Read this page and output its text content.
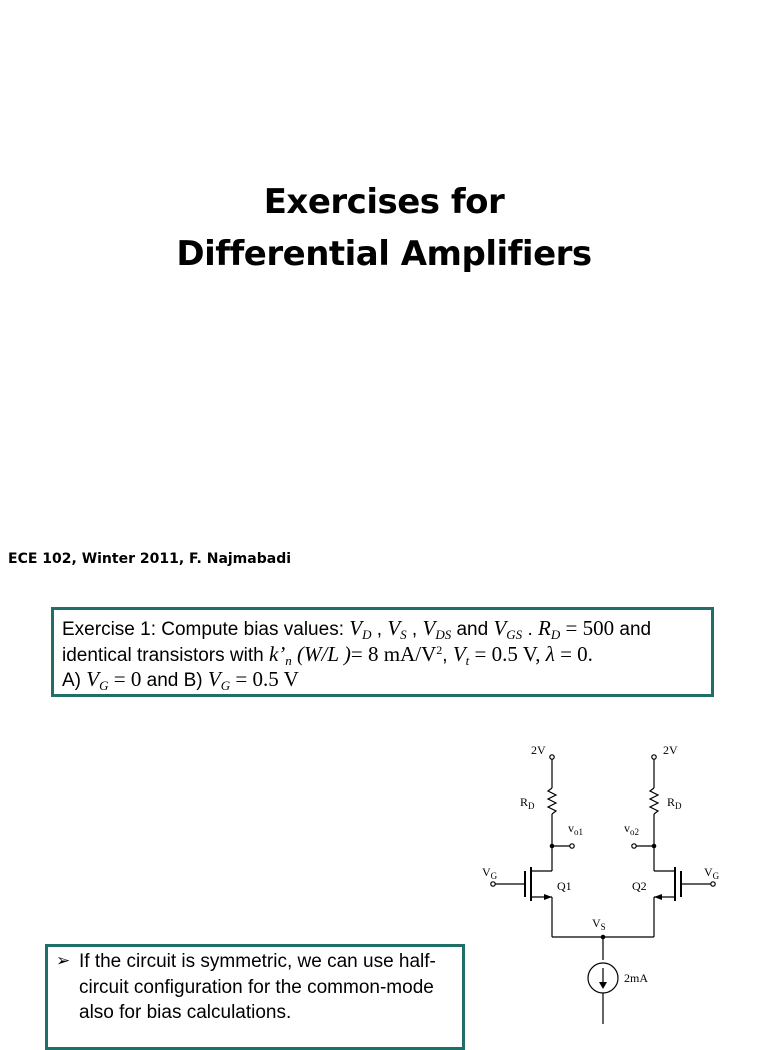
Exercises for
Differential Amplifiers
ECE 102, Winter 2011, F. Najmabadi
Exercise 1: Compute bias values: $V_D$ , $V_S$ , $V_{DS}$ and $V_{GS}$ . $R_D = 500$ and
identical transistors with $k’_n$ (W/L )= 8 $mA/V^2$, $V_t = 0.5$ V, λ = 0.
A) $V_G = 0$ and B) $V_G = 0.5$ V
2V	2V
$R_D$	$R_D$
$v_{o1}$	$v_{o2}$
$V_G$	$V_G$
Q1	Q2
$V_S$
2mA
➢ If the circuit is symmetric, we can use half-circuit configuration for the common-mode also for bias calculations.
